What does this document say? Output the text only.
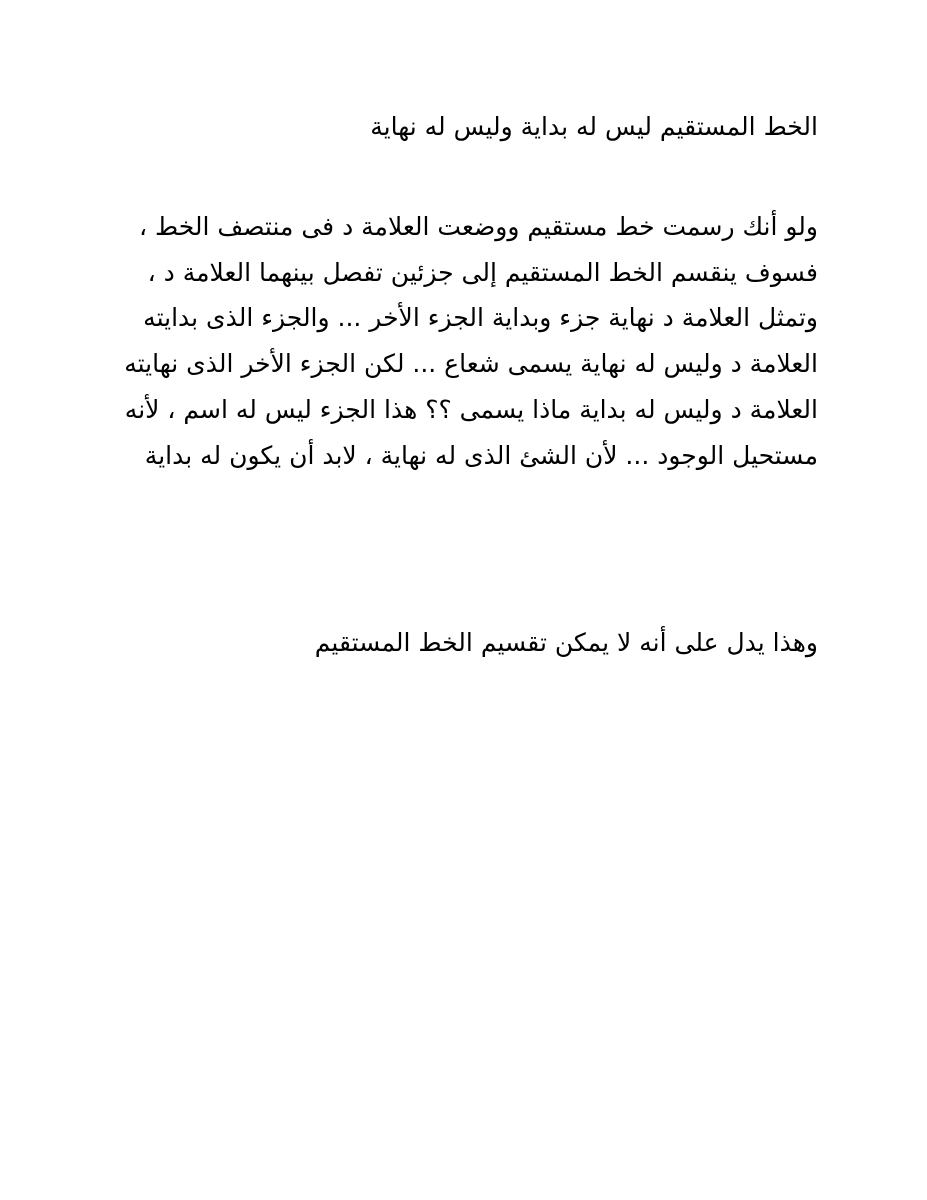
الخط المستقيم ليس له بداية وليس له نهاية

ولو أنك رسمت خط مستقيم ووضعت العلامة د فى منتصف الخط ، فسوف ينقسم الخط المستقيم إلى جزئين تفصل بينهما العلامة د ، وتمثل العلامة د نهاية جزء وبداية الجزء الأخر ... والجزء الذى بدايته العلامة د وليس له نهاية يسمى شعاع ... لكن الجزء الأخر الذى نهايته العلامة د وليس له بداية ماذا يسمى ؟؟ هذا الجزء ليس له اسم ، لأنه مستحيل الوجود ... لأن الشئ الذى له نهاية ، لابد أن يكون له بداية

وهذا يدل على أنه لا يمكن تقسيم الخط المستقيم
